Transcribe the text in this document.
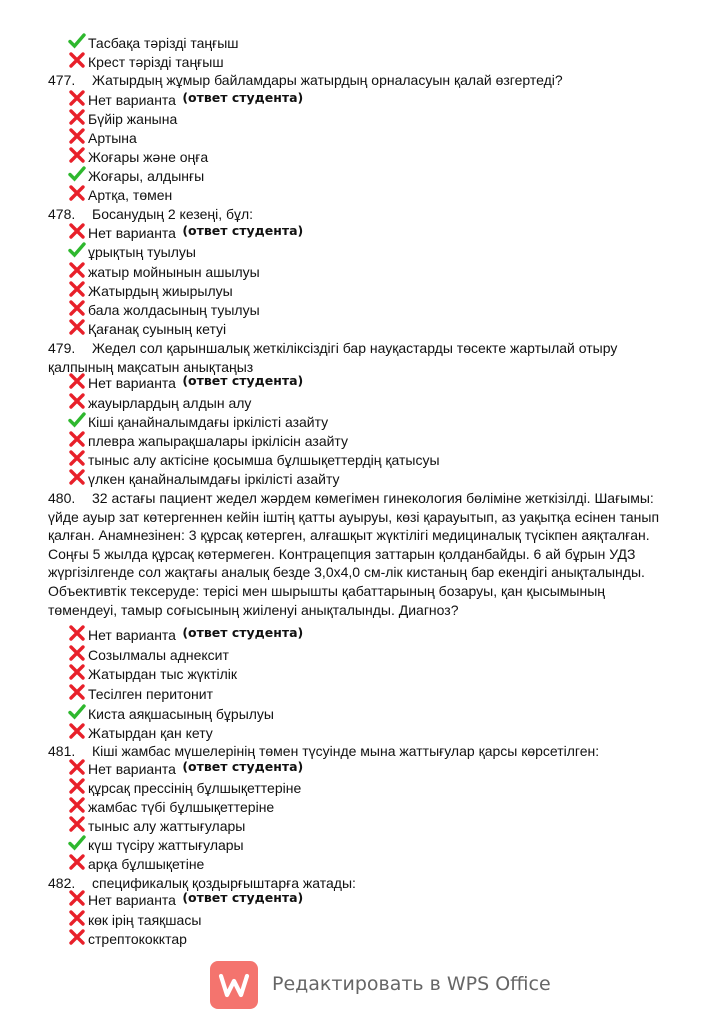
Тасбақа тәрізді таңғыш
Крест тәрізді таңғыш
477. Жатырдың жұмыр байламдары жатырдың орналасуын қалай өзгертеді?
Нет варианта (ответ студента)
Бүйір жанына
Артына
Жоғары және оңға
Жоғары, алдынғы
Артқа, төмен
478. Босанудың 2 кезеңі, бұл:
Нет варианта (ответ студента)
ұрықтың туылуы
жатыр мойнынын ашылуы
Жатырдың жиырылуы
бала жолдасының туылуы
Қағанақ суының кетуі
479. Жедел сол қарыншалық жеткіліксіздігі бар науқастарды төсекте жартылай отыру қалпының мақсатын анықтаңыз
Нет варианта (ответ студента)
жауырлардың алдын алу
Кіші қанайналымдағы іркілісті азайту
плевра жапырақшалары іркілісін азайту
тыныс алу актісіне қосымша бұлшықеттердің қатысуы
үлкен қанайналымдағы іркілісті азайту
480. 32 астағы пациент жедел жәрдем көмегімен гинекология бөліміне жеткізілді. Шағымы: үйде ауыр зат көтергеннен кейін іштің қатты ауыруы, көзі қарауытып, аз уақытқа есінен танып қалған. Анамнезінен: 3 құрсақ көтерген, алғашқыт жүктілігі медициналық түсікпен аяқталған. Соңғы 5 жылда құрсақ көтермеген. Контрацепция заттарын қолданбайды. 6 ай бұрын УДЗ жүргізілгенде сол жақтағы аналық безде 3,0х4,0 см-лік кистаның бар екендігі анықталынды. Объективтік тексеруде: терісі мен шырышты қабаттарының бозаруы, қан қысымының төмендеуі, тамыр соғысының жиіленуі анықталынды. Диагноз?
Нет варианта (ответ студента)
Созылмалы аднексит
Жатырдан тыс жүктілік
Тесілген перитонит
Киста аяқшасының бұрылуы
Жатырдан қан кету
481. Кіші жамбас мүшелерінің төмен түсуінде мына жаттығулар қарсы көрсетілген:
Нет варианта (ответ студента)
құрсақ прессінің бұлшықеттеріне
жамбас түбі бұлшықеттеріне
тыныс алу жаттығулары
күш түсіру жаттығулары
арқа бұлшықетіне
482. спецификалық қоздырғыштарға жатады:
Нет варианта (ответ студента)
көк ірің таяқшасы
стрептококктар
Редактировать в WPS Office
